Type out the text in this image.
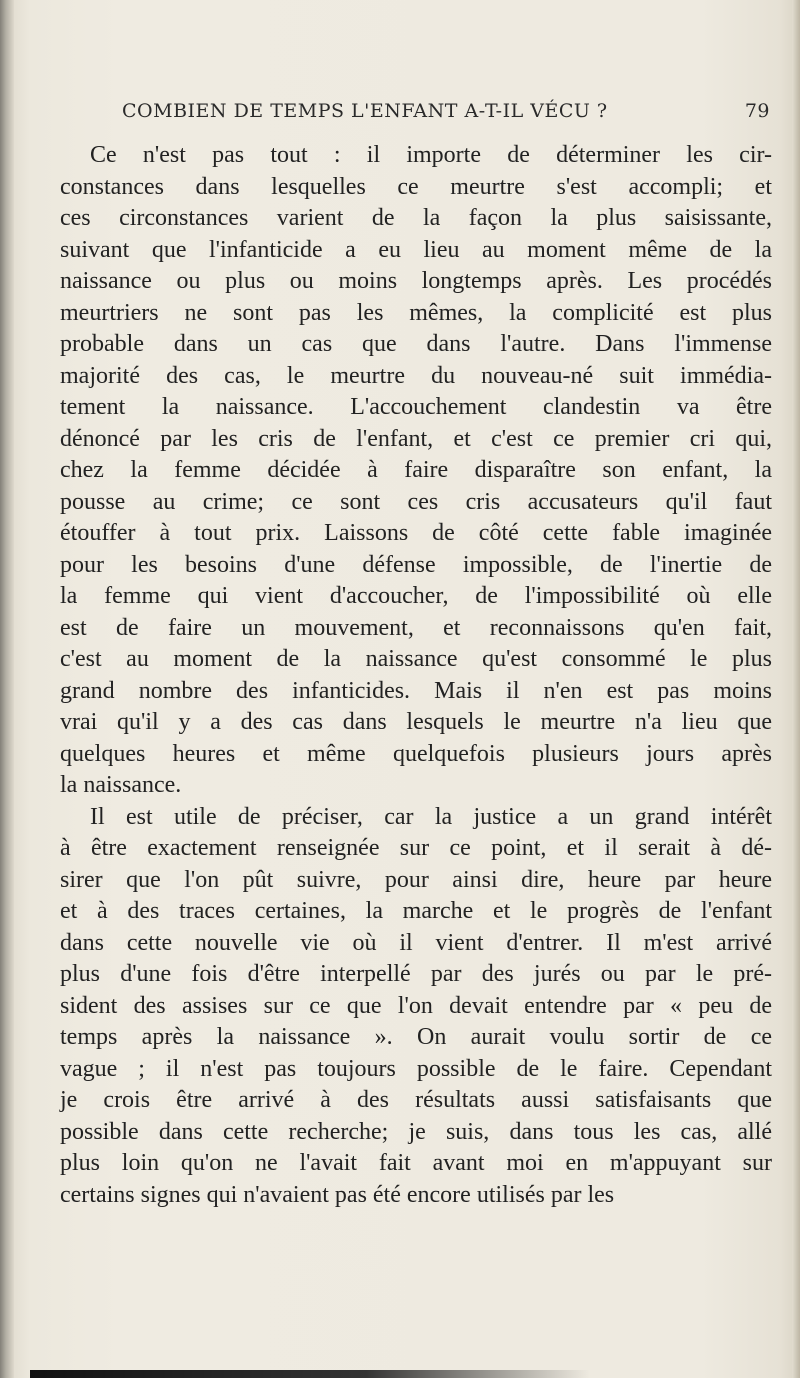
COMBIEN DE TEMPS L'ENFANT A-T-IL VÉCU ?	79
Ce n'est pas tout : il importe de déterminer les cir-
constances dans lesquelles ce meurtre s'est accompli; et
ces circonstances varient de la façon la plus saisissante,
suivant que l'infanticide a eu lieu au moment même de la
naissance ou plus ou moins longtemps après. Les procédés
meurtriers ne sont pas les mêmes, la complicité est plus
probable dans un cas que dans l'autre. Dans l'immense
majorité des cas, le meurtre du nouveau-né suit immédia-
tement la naissance. L'accouchement clandestin va être
dénoncé par les cris de l'enfant, et c'est ce premier cri qui,
chez la femme décidée à faire disparaître son enfant, la
pousse au crime; ce sont ces cris accusateurs qu'il faut
étouffer à tout prix. Laissons de côté cette fable imaginée
pour les besoins d'une défense impossible, de l'inertie de
la femme qui vient d'accoucher, de l'impossibilité où elle
est de faire un mouvement, et reconnaissons qu'en fait,
c'est au moment de la naissance qu'est consommé le plus
grand nombre des infanticides. Mais il n'en est pas moins
vrai qu'il y a des cas dans lesquels le meurtre n'a lieu que
quelques heures et même quelquefois plusieurs jours après
la naissance.
Il est utile de préciser, car la justice a un grand intérêt
à être exactement renseignée sur ce point, et il serait à dé-
sirer que l'on pût suivre, pour ainsi dire, heure par heure
et à des traces certaines, la marche et le progrès de l'enfant
dans cette nouvelle vie où il vient d'entrer. Il m'est arrivé
plus d'une fois d'être interpellé par des jurés ou par le pré-
sident des assises sur ce que l'on devait entendre par « peu de
temps après la naissance ». On aurait voulu sortir de ce
vague ; il n'est pas toujours possible de le faire. Cependant
je crois être arrivé à des résultats aussi satisfaisants que
possible dans cette recherche; je suis, dans tous les cas, allé
plus loin qu'on ne l'avait fait avant moi en m'appuyant sur
certains signes qui n'avaient pas été encore utilisés par les
